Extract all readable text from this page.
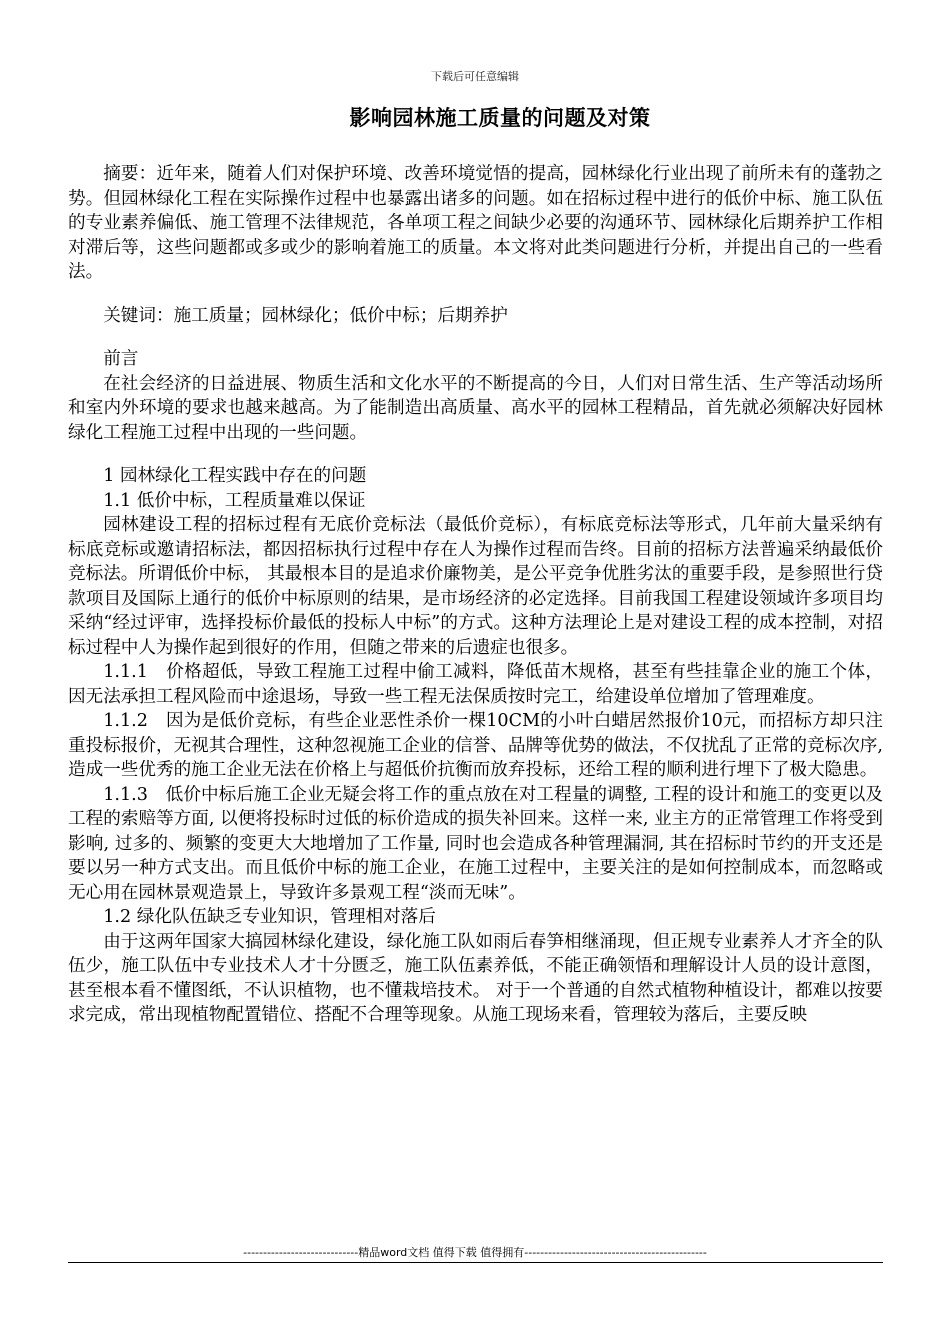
下载后可任意编辑
影响园林施工质量的问题及对策

摘要：近年来，随着人们对保护环境、改善环境觉悟的提高，园林绿化行业出现了前所未有的蓬勃之势。但园林绿化工程在实际操作过程中也暴露出诸多的问题。如在招标过程中进行的低价中标、施工队伍的专业素养偏低、施工管理不法律规范，各单项工程之间缺少必要的沟通环节、园林绿化后期养护工作相对滞后等，这些问题都或多或少的影响着施工的质量。本文将对此类问题进行分析，并提出自己的一些看法。

关键词：施工质量；园林绿化；低价中标；后期养护

前言

在社会经济的日益进展、物质生活和文化水平的不断提高的今日，人们对日常生活、生产等活动场所和室内外环境的要求也越来越高。为了能制造出高质量、高水平的园林工程精品，首先就必须解决好园林绿化工程施工过程中出现的一些问题。

1 园林绿化工程实践中存在的问题

1.1 低价中标，工程质量难以保证

园林建设工程的招标过程有无底价竞标法（最低价竞标），有标底竞标法等形式，几年前大量采纳有标底竞标或邀请招标法，都因招标执行过程中存在人为操作过程而告终。目前的招标方法普遍采纳最低价竞标法。所谓低价中标， 其最根本目的是追求价廉物美，是公平竞争优胜劣汰的重要手段，是参照世行贷款项目及国际上通行的低价中标原则的结果，是市场经济的必定选择。目前我国工程建设领域许多项目均采纳“经过评审，选择投标价最低的投标人中标”的方式。这种方法理论上是对建设工程的成本控制，对招标过程中人为操作起到很好的作用，但随之带来的后遗症也很多。

1.1.1　价格超低，导致工程施工过程中偷工减料，降低苗木规格，甚至有些挂靠企业的施工个体，因无法承担工程风险而中途退场，导致一些工程无法保质按时完工，给建设单位增加了管理难度。

1.1.2　因为是低价竞标，有些企业恶性杀价一棵10CM的小叶白蜡居然报价10元，而招标方却只注重投标报价，无视其合理性，这种忽视施工企业的信誉、品牌等优势的做法，不仅扰乱了正常的竞标次序,造成一些优秀的施工企业无法在价格上与超低价抗衡而放弃投标，还给工程的顺利进行埋下了极大隐患。

1.1.3　低价中标后施工企业无疑会将工作的重点放在对工程量的调整, 工程的设计和施工的变更以及工程的索赔等方面, 以便将投标时过低的标价造成的损失补回来。这样一来, 业主方的正常管理工作将受到影响, 过多的、频繁的变更大大地增加了工作量, 同时也会造成各种管理漏洞, 其在招标时节约的开支还是要以另一种方式支出。而且低价中标的施工企业，在施工过程中，主要关注的是如何控制成本，而忽略或无心用在园林景观造景上，导致许多景观工程“淡而无味”。

1.2 绿化队伍缺乏专业知识，管理相对落后

由于这两年国家大搞园林绿化建设，绿化施工队如雨后春笋相继涌现，但正规专业素养人才齐全的队伍少，施工队伍中专业技术人才十分匮乏，施工队伍素养低，不能正确领悟和理解设计人员的设计意图，甚至根本看不懂图纸，不认识植物，也不懂栽培技术。 对于一个普通的自然式植物种植设计，都难以按要求完成，常出现植物配置错位、搭配不合理等现象。从施工现场来看，管理较为落后，主要反映

-----------------------------精品word文档 值得下载 值得拥有----------------------------------------------
